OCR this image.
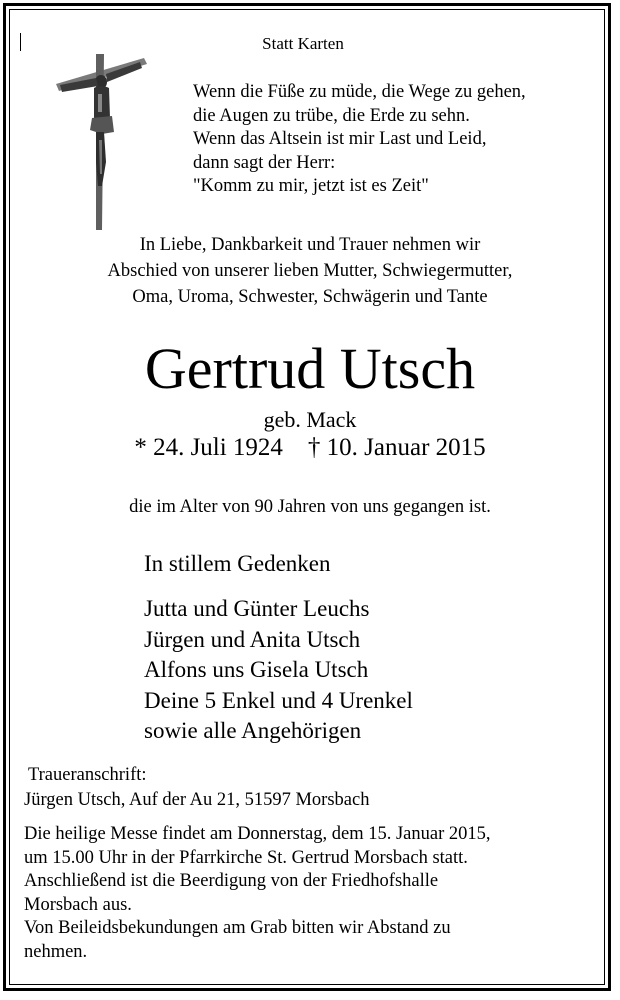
Statt Karten
Wenn die Füße zu müde, die Wege zu gehen,
die Augen zu trübe, die Erde zu sehn.
Wenn das Altsein ist mir Last und Leid,
dann sagt der Herr:
"Komm zu mir, jetzt ist es Zeit"
In Liebe, Dankbarkeit und Trauer nehmen wir
Abschied von unserer lieben Mutter, Schwiegermutter,
Oma, Uroma, Schwester, Schwägerin und Tante
Gertrud Utsch
geb. Mack
* 24. Juli 1924    † 10. Januar 2015
die im Alter von 90 Jahren von uns gegangen ist.
In stillem Gedenken
Jutta und Günter Leuchs
Jürgen und Anita Utsch
Alfons uns Gisela Utsch
Deine 5 Enkel und 4 Urenkel
sowie alle Angehörigen
Traueranschrift:
Jürgen Utsch, Auf der Au 21, 51597 Morsbach
Die heilige Messe findet am Donnerstag, dem 15. Januar 2015,
um 15.00 Uhr in der Pfarrkirche St. Gertrud Morsbach statt.
Anschließend ist die Beerdigung von der Friedhofshalle
Morsbach aus.
Von Beileidsbekundungen am Grab bitten wir Abstand zu
nehmen.
